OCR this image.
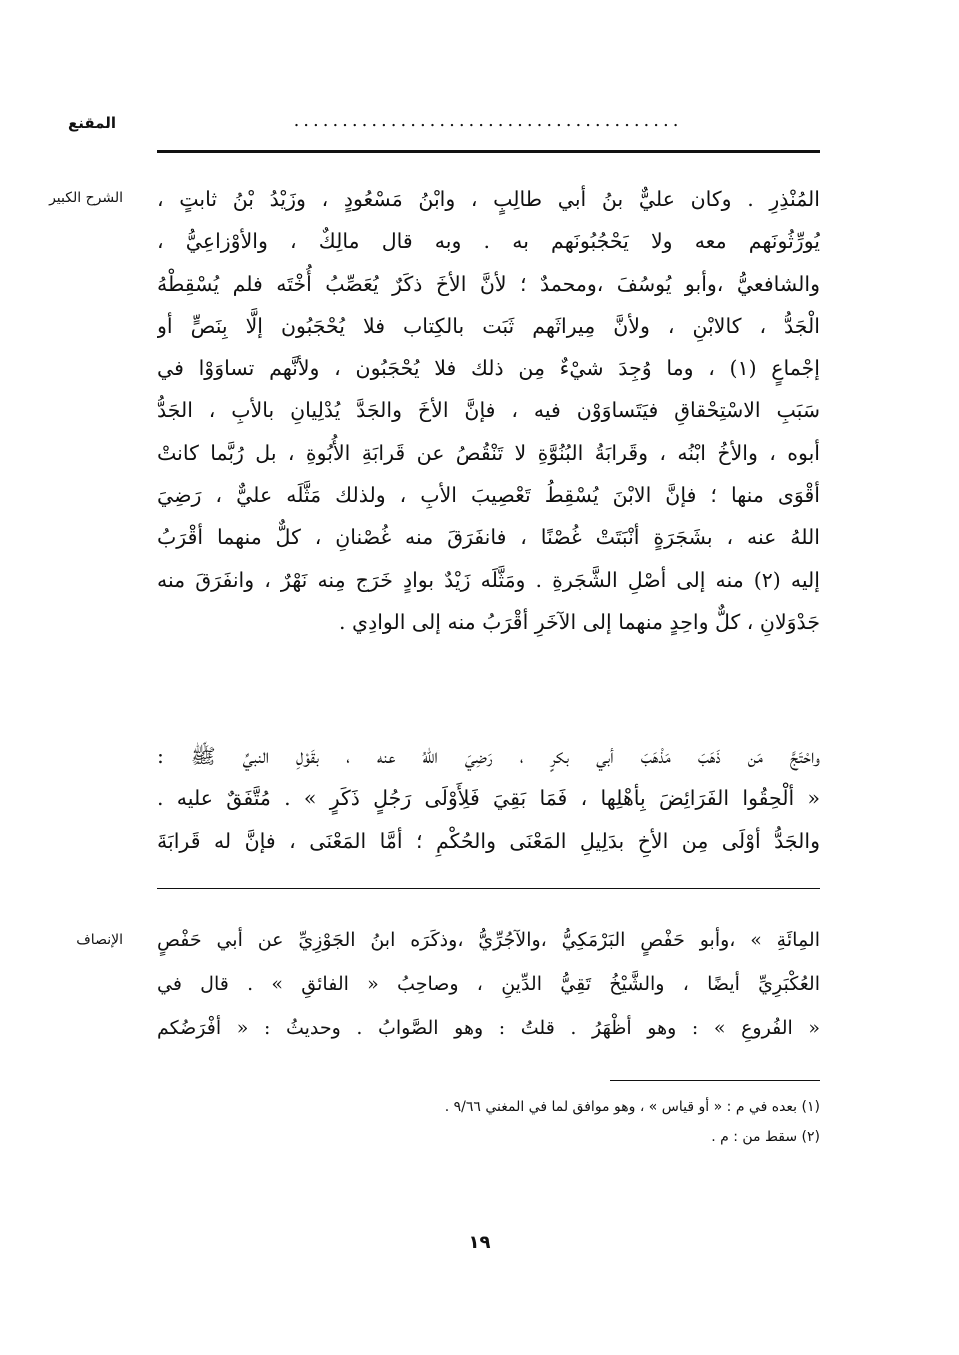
المقنع	........................................
الشرح الكبير المُنْذِرِ . وكان عليٌّ بنُ أبي طالِبٍ ، وابْنُ مَسْعُودٍ ، وزَيْدُ بْنُ ثابتٍ ،
يُورِّثُونَهم معه ولا يَحْجُبُونَهم به . وبه قال مالِكٌ ، والأوْزاعِيُّ ،
والشافعيُّ ،وأبو يُوسُفَ ،ومحمدٌ ؛ لأنَّ الأخَ ذكَرٌ يُعَصِّبُ أُخْتَه فلم يُسْقِطْهُ
الْجَدُّ ، كالابْنِ ، ولأنَّ مِيراثَهم ثَبَت بالكِتاب فلا يُحْجَبُون إلَّا بِنَصٍّ أو
إجْماعٍ (١) ، وما وُجِدَ شيْءٌ مِن ذلك فلا يُحْجَبُون ، ولأنَّهم تساوَوْا في
سَبَبِ الاسْتِحْقاقِ فيَتَساوَوْن فيه ، فإنَّ الأخَ والجَدَّ يُدْلِيانِ بالأبِ ، الجَدُّ
أبوه ، والأخُ ابْنُه ، وقَرابَةُ البُنُوَّةِ لا تَنْقُصُ عن قَرابَةِ الأُبُوةِ ، بل رُبَّما كانتْ
أقْوَى منها ؛ فإنَّ الابْنَ يُسْقِطُ تَعْصِيبَ الأبِ ، ولذلك مَثَّلَه عليٌّ ، رَضِيَ
اللهُ عنه ، بشَجَرَةٍ أنْبَتَتْ غُصْنًا ، فانفَرَقَ منه غُصْنانِ ، كلٌّ منهما أقْرَبُ
إليه (٢) منه إلى أصْلِ الشَّجَرةِ . ومَثَّلَه زَيْدٌ بوادٍ خَرَج مِنه نَهْرٌ ، وانفَرَقَ منه
جَدْوَلانِ ، كلٌّ واحِدٍ منهما إلى الآخَرِ أقْرَبُ منه إلى الوادِي .
واحْتَجَّ مَن ذَهَبَ مَذْهَبَ أبي بكرٍ ، رَضِيَ اللهُ عنه ، بقَوْلِ النبيِّ ﷺ :
« ألْحِقُوا الفَرَائِضَ بِأهْلِها ، فَمَا بَقِيَ فَلِأَوْلَى رَجُلٍ ذَكَرٍ » . مُتَّفَقٌ عليه .
والجَدُّ أوْلَى مِن الأخِ بدَلِيلِ المَعْنَى والحُكْمِ ؛ أمَّا المَعْنَى ، فإنَّ له قَرابَةَ
الإنصاف المِائَةِ » ،وأبو حَفْصٍ البَرْمَكِيُّ ،والآجُرِّيُّ ،وذكَرَه ابنُ الجَوْزِيِّ عن أبي حَفْصٍ
العُكْبَرِيِّ أيضًا ، والشَّيْخُ تَقِيُّ الدِّينِ ، وصاحِبُ « الفائقِ » . قال في
« الفُروعِ » : وهو أظْهَرُ . قلتُ : وهو الصَّوابُ . وحديثُ : « أفْرَضُكم
(١) بعده في م : « أو قياس » ، وهو موافق لما في المغني ٩/٦٦ .
(٢) سقط من : م .
١٩
